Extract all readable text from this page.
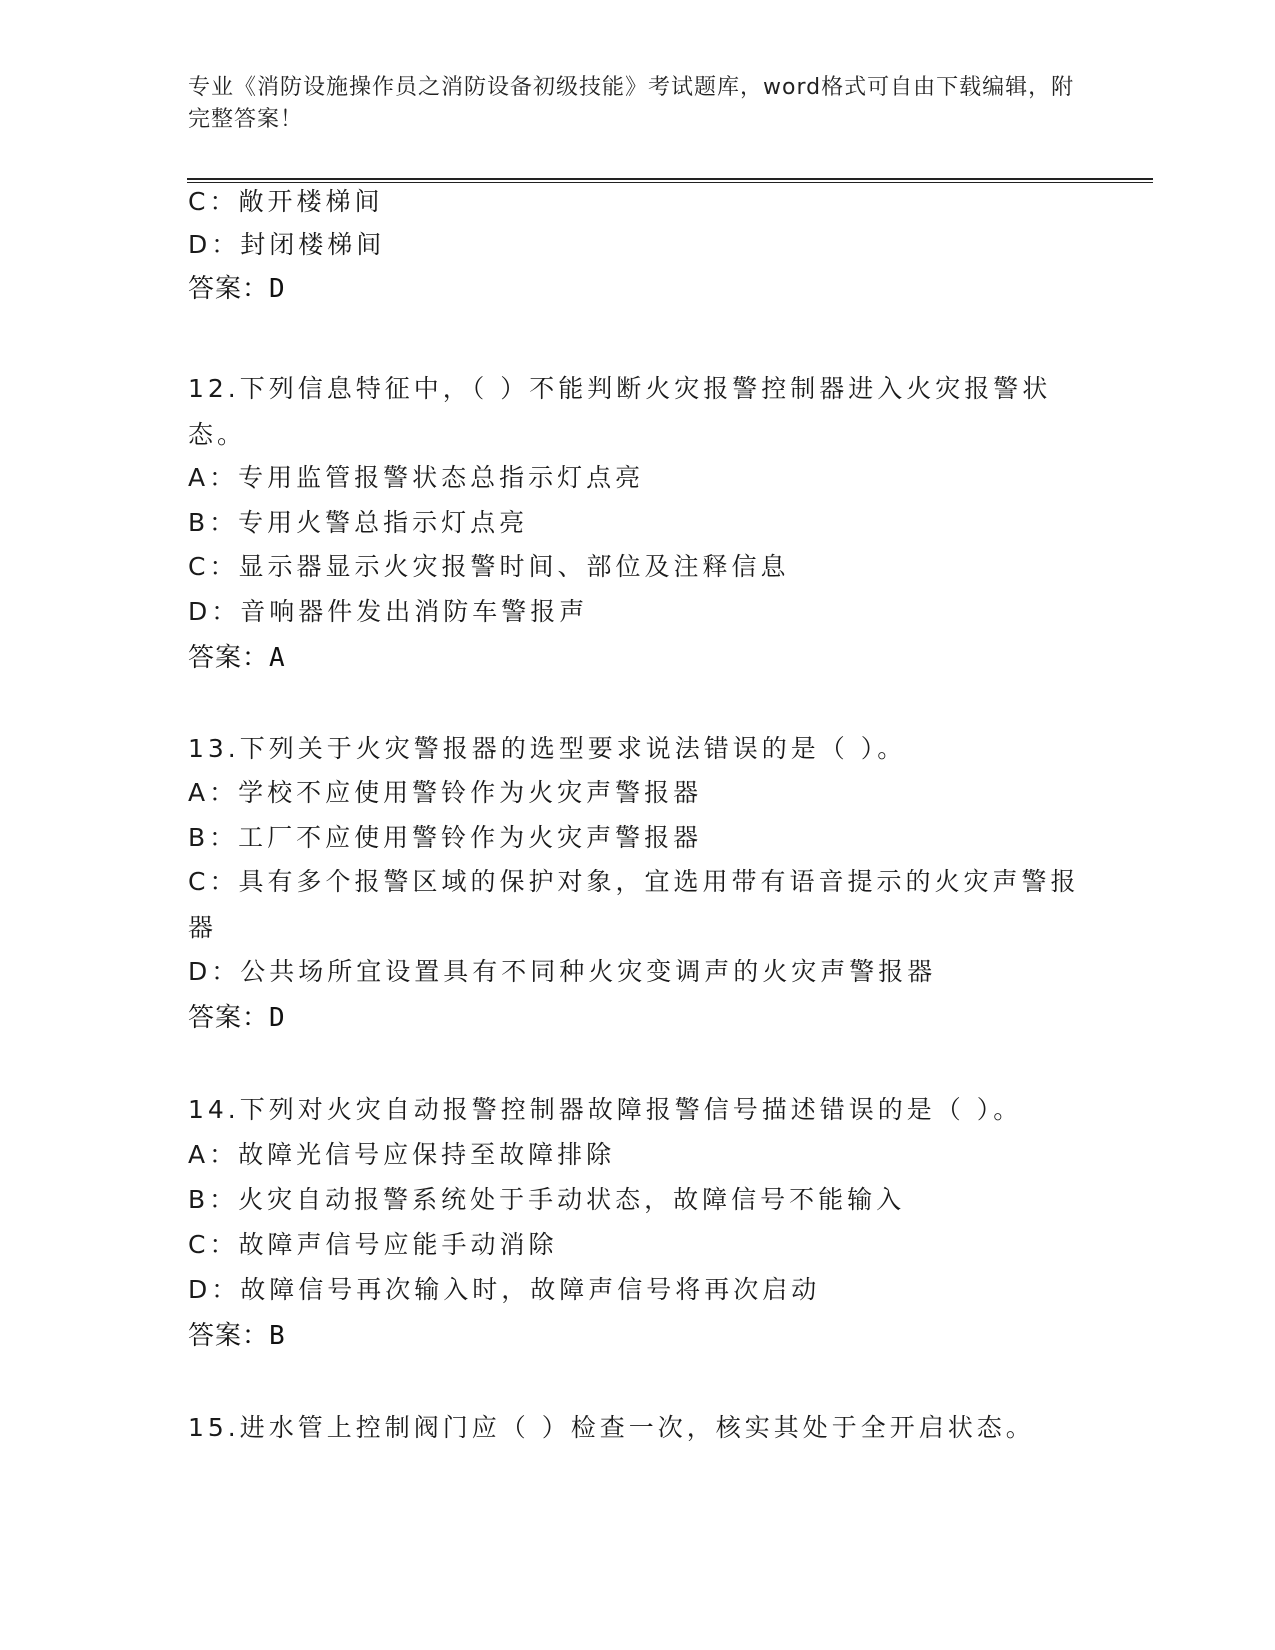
专业《消防设施操作员之消防设备初级技能》考试题库，word格式可自由下载编辑，附完整答案！
C：敞开楼梯间
D：封闭楼梯间
答案：D
12.下列信息特征中，（ ）不能判断火灾报警控制器进入火灾报警状态。
A：专用监管报警状态总指示灯点亮
B：专用火警总指示灯点亮
C：显示器显示火灾报警时间、部位及注释信息
D：音响器件发出消防车警报声
答案：A
13.下列关于火灾警报器的选型要求说法错误的是（ ）。
A：学校不应使用警铃作为火灾声警报器
B：工厂不应使用警铃作为火灾声警报器
C：具有多个报警区域的保护对象，宜选用带有语音提示的火灾声警报器
D：公共场所宜设置具有不同种火灾变调声的火灾声警报器
答案：D
14.下列对火灾自动报警控制器故障报警信号描述错误的是（ ）。
A：故障光信号应保持至故障排除
B：火灾自动报警系统处于手动状态，故障信号不能输入
C：故障声信号应能手动消除
D：故障信号再次输入时，故障声信号将再次启动
答案：B
15.进水管上控制阀门应（ ）检查一次，核实其处于全开启状态。
